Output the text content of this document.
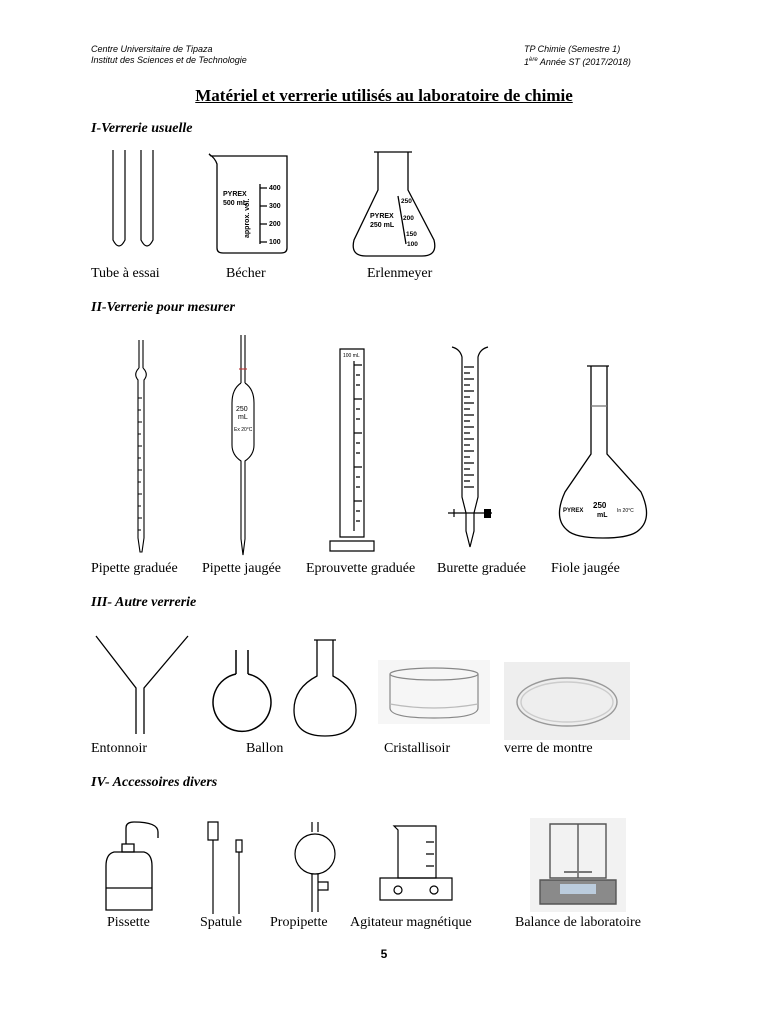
Centre Universitaire de Tipaza
Institut des Sciences et de Technologie
TP Chimie (Semestre 1)
1ère Année ST (2017/2018)
Matériel et verrerie utilisés au laboratoire de chimie
I-Verrerie usuelle
PYREX
500 mL
approx. vol.
400
300
200
100
PYREX
250 mL
250
200
150
100
Tube à essai	Bécher	Erlenmeyer
II-Verrerie pour mesurer
250
mL
Ex 20°C
100 mL
PYREX
250
mL
In 20°C
Pipette graduée Pipette jaugée Eprouvette graduée Burette graduée Fiole jaugée
III- Autre verrerie
Entonnoir	Ballon	Cristallisoir	verre de montre
IV- Accessoires divers
Pissette	Spatule Propipette Agitateur magnétique	Balance de laboratoire
5
